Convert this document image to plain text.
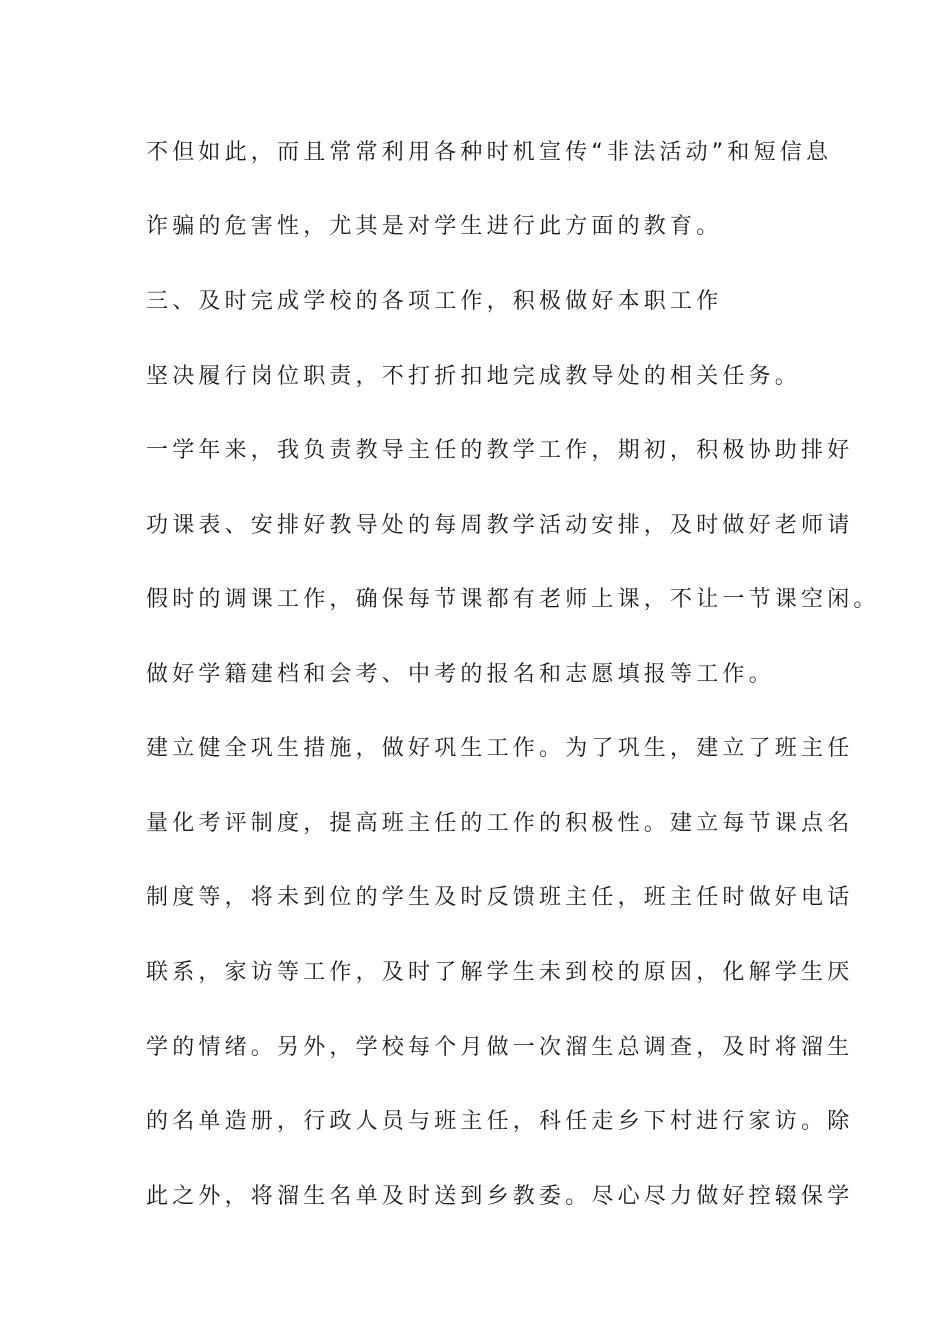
不但如此，而且常常利用各种时机宣传“非法活动”和短信息
诈骗的危害性，尤其是对学生进行此方面的教育。
三、及时完成学校的各项工作，积极做好本职工作
坚决履行岗位职责，不打折扣地完成教导处的相关任务。
一学年来，我负责教导主任的教学工作，期初，积极协助排好
功课表、安排好教导处的每周教学活动安排，及时做好老师请
假时的调课工作，确保每节课都有老师上课，不让一节课空闲。
做好学籍建档和会考、中考的报名和志愿填报等工作。
建立健全巩生措施，做好巩生工作。为了巩生，建立了班主任
量化考评制度，提高班主任的工作的积极性。建立每节课点名
制度等，将未到位的学生及时反馈班主任，班主任时做好电话
联系，家访等工作，及时了解学生未到校的原因，化解学生厌
学的情绪。另外，学校每个月做一次溜生总调查，及时将溜生
的名单造册，行政人员与班主任，科任走乡下村进行家访。除
此之外，将溜生名单及时送到乡教委。尽心尽力做好控辍保学
